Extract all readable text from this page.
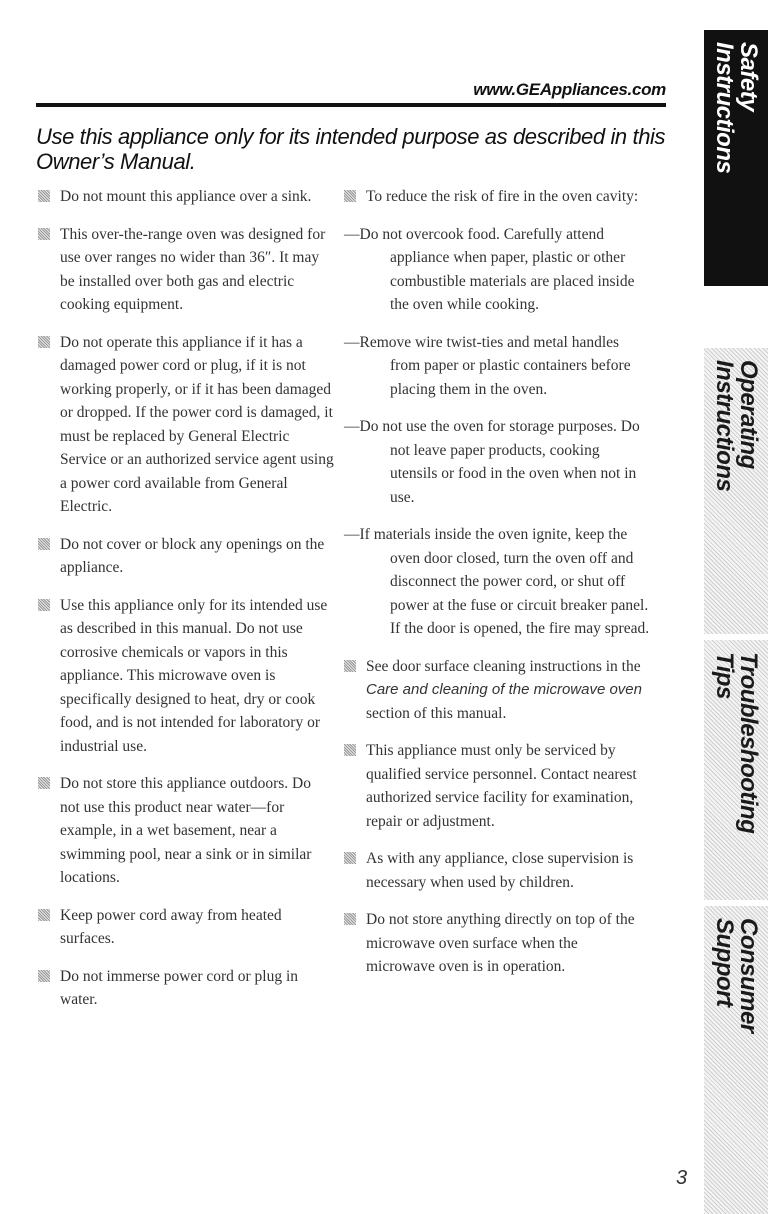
www.GEAppliances.com
Use this appliance only for its intended purpose as described in this Owner’s Manual.
Do not mount this appliance over a sink.
This over-the-range oven was designed for use over ranges no wider than 36″. It may be installed over both gas and electric cooking equipment.
Do not operate this appliance if it has a damaged power cord or plug, if it is not working properly, or if it has been damaged or dropped. If the power cord is damaged, it must be replaced by General Electric Service or an authorized service agent using a power cord available from General Electric.
Do not cover or block any openings on the appliance.
Use this appliance only for its intended use as described in this manual. Do not use corrosive chemicals or vapors in this appliance. This microwave oven is specifically designed to heat, dry or cook food, and is not intended for laboratory or industrial use.
Do not store this appliance outdoors. Do not use this product near water—for example, in a wet basement, near a swimming pool, near a sink or in similar locations.
Keep power cord away from heated surfaces.
Do not immerse power cord or plug in water.
To reduce the risk of fire in the oven cavity:
—Do not overcook food. Carefully attend appliance when paper, plastic or other combustible materials are placed inside the oven while cooking.
—Remove wire twist-ties and metal handles from paper or plastic containers before placing them in the oven.
—Do not use the oven for storage purposes. Do not leave paper products, cooking utensils or food in the oven when not in use.
—If materials inside the oven ignite, keep the oven door closed, turn the oven off and disconnect the power cord, or shut off power at the fuse or circuit breaker panel. If the door is opened, the fire may spread.
See door surface cleaning instructions in the Care and cleaning of the microwave oven section of this manual.
This appliance must only be serviced by qualified service personnel. Contact nearest authorized service facility for examination, repair or adjustment.
As with any appliance, close supervision is necessary when used by children.
Do not store anything directly on top of the microwave oven surface when the microwave oven is in operation.
3
Safety
Instructions
Operating
Instructions
Troubleshooting
Tips
Consumer
Support
